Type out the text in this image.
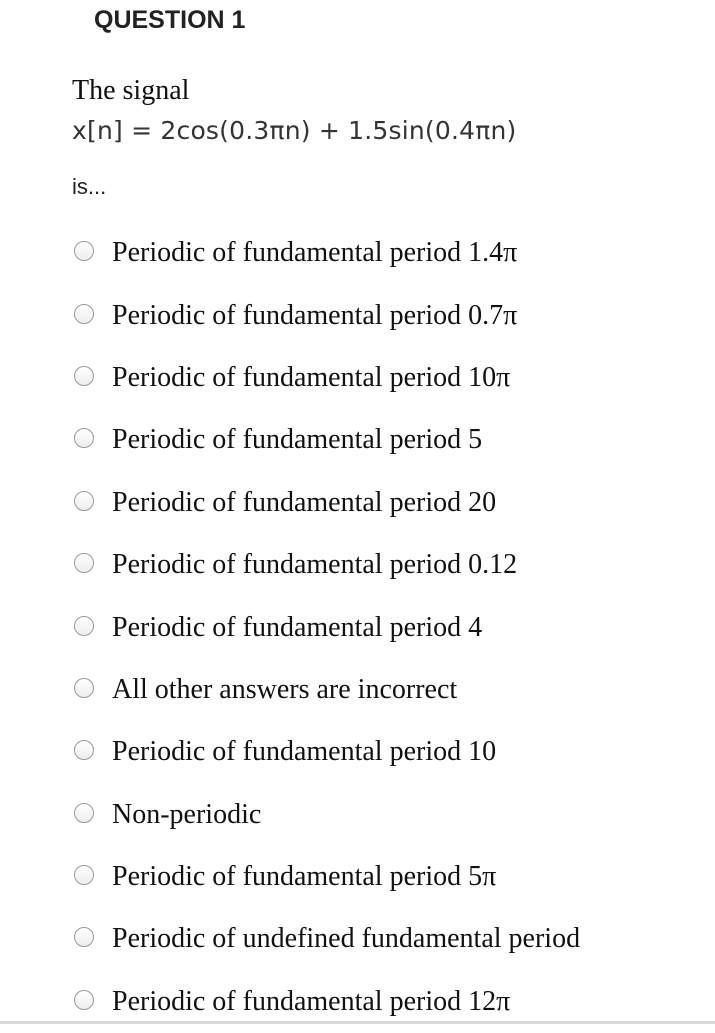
QUESTION 1
The signal
x[n] = 2cos(0.3πn) + 1.5sin(0.4πn)
is...
Periodic of fundamental period 1.4π
Periodic of fundamental period 0.7π
Periodic of fundamental period 10π
Periodic of fundamental period 5
Periodic of fundamental period 20
Periodic of fundamental period 0.12
Periodic of fundamental period 4
All other answers are incorrect
Periodic of fundamental period 10
Non-periodic
Periodic of fundamental period 5π
Periodic of undefined fundamental period
Periodic of fundamental period 12π
